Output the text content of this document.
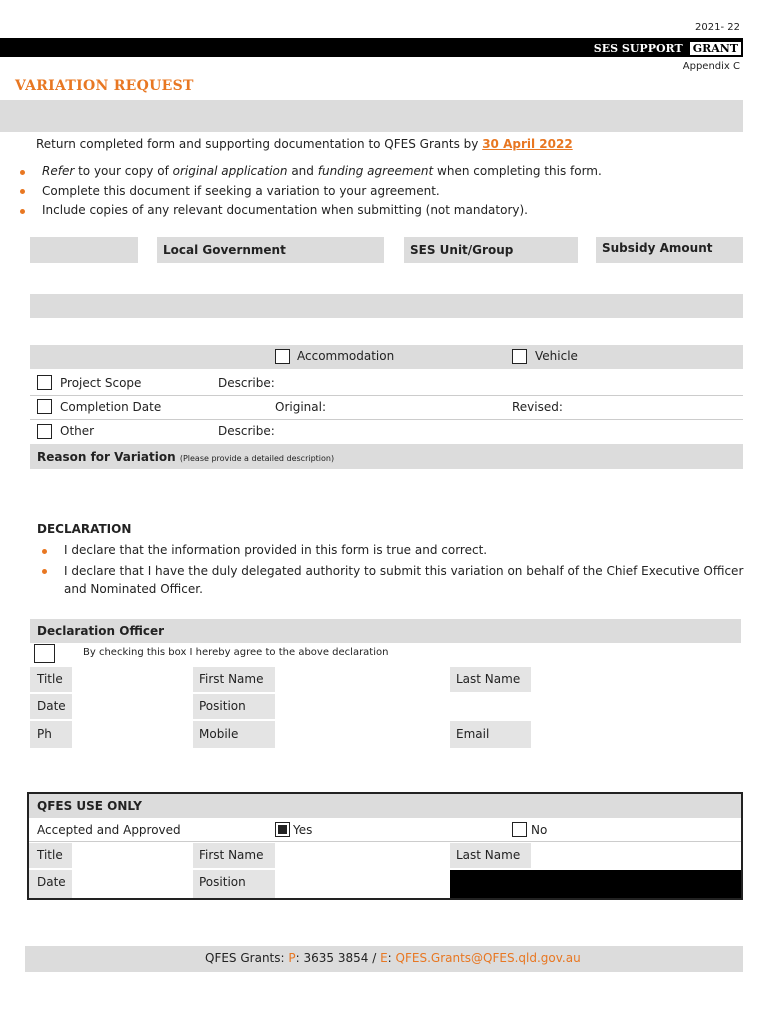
2021- 22
SES SUPPORT GRANT
Appendix C
VARIATION REQUEST
Return completed form and supporting documentation to QFES Grants by 30 April 2022
Refer to your copy of original application and funding agreement when completing this form.
Complete this document if seeking a variation to your agreement.
Include copies of any relevant documentation when submitting (not mandatory).
Local Government	SES Unit/Group	Subsidy Amount
Accommodation	Vehicle
Project Scope	Describe:
Completion Date	Original:	Revised:
Other	Describe:
Reason for Variation (Please provide a detailed description)
DECLARATION
I declare that the information provided in this form is true and correct.
I declare that I have the duly delegated authority to submit this variation on behalf of the Chief Executive Officer
and Nominated Officer.
Declaration Officer
By checking this box I hereby agree to the above declaration
Title	First Name	Last Name
Date	Position
Ph	Mobile	Email
QFES USE ONLY
Accepted and Approved	Yes	No
Title	First Name	Last Name
Date	Position
QFES Grants: P: 3635 3854 / E: QFES.Grants@QFES.qld.gov.au
